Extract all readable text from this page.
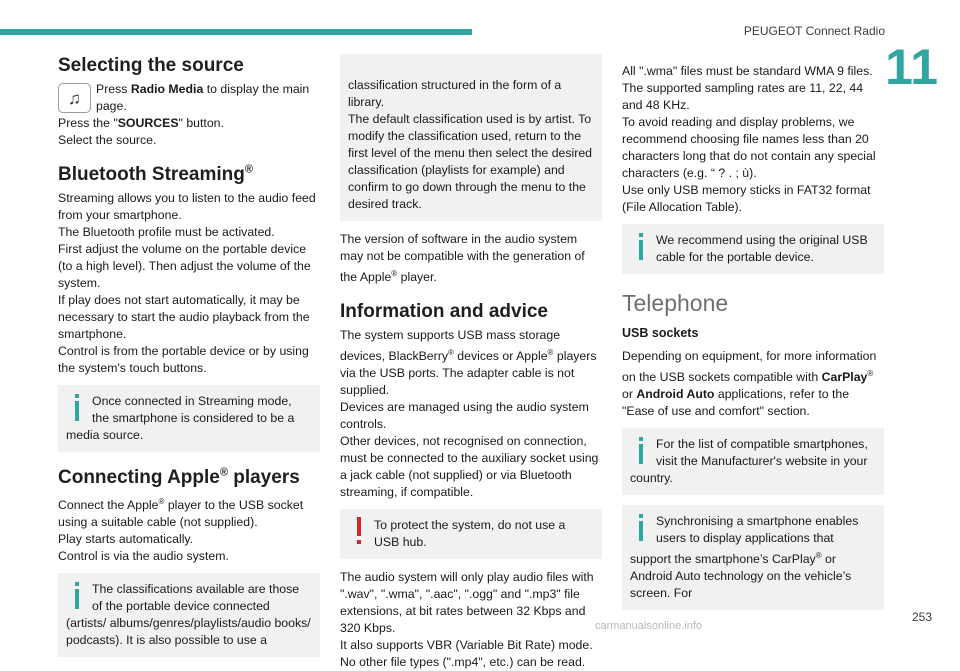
PEUGEOT Connect Radio
11
Selecting the source
♫	Press Radio Media to display the main page.

Press the "SOURCES" button.

Select the source.

Bluetooth Streaming®

Streaming allows you to listen to the audio feed from your smartphone.

The Bluetooth profile must be activated.

First adjust the volume on the portable device (to a high level). Then adjust the volume of the system.

If play does not start automatically, it may be necessary to start the audio playback from the smartphone.

Control is from the portable device or by using the system's touch buttons.

Once connected in Streaming mode, the smartphone is considered to be a media source.
Connecting Apple® players

Connect the Apple® player to the USB socket using a suitable cable (not supplied).

Play starts automatically.

Control is via the audio system.

The classifications available are those of the portable device connected (artists/ albums/genres/playlists/audio books/ podcasts). It is also possible to use a

classification structured in the form of a library.
The default classification used is by artist. To modify the classification used, return to the first level of the menu then select the desired classification (playlists for example) and confirm to go down through the menu to the desired track.

The version of software in the audio system may not be compatible with the generation of the Apple® player.

Information and advice

The system supports USB mass storage devices, BlackBerry® devices or Apple® players via the USB ports. The adapter cable is not supplied.

Devices are managed using the audio system controls.

Other devices, not recognised on connection, must be connected to the auxiliary socket using a jack cable (not supplied) or via Bluetooth streaming, if compatible.

To protect the system, do not use a USB hub.

The audio system will only play audio files with ".wav", ".wma", ".aac", ".ogg" and ".mp3" file extensions, at bit rates between 32 Kbps and 320 Kbps.

It also supports VBR (Variable Bit Rate) mode.

No other file types (".mp4", etc.) can be read.

All ".wma" files must be standard WMA 9 files.

The supported sampling rates are 11, 22, 44 and 48 KHz.

To avoid reading and display problems, we recommend choosing file names less than 20 characters long that do not contain any special characters (e.g. “ ? . ; ù).

Use only USB memory sticks in FAT32 format (File Allocation Table).

We recommend using the original USB cable for the portable device.
Telephone
USB sockets

Depending on equipment, for more information on the USB sockets compatible with CarPlay® or Android Auto applications, refer to the "Ease of use and comfort" section.

For the list of compatible smartphones, visit the Manufacturer's website in your country.
Synchronising a smartphone enables users to display applications that support the smartphone’s CarPlay® or Android Auto technology on the vehicle’s screen. For
253
carmanualsonline.info
